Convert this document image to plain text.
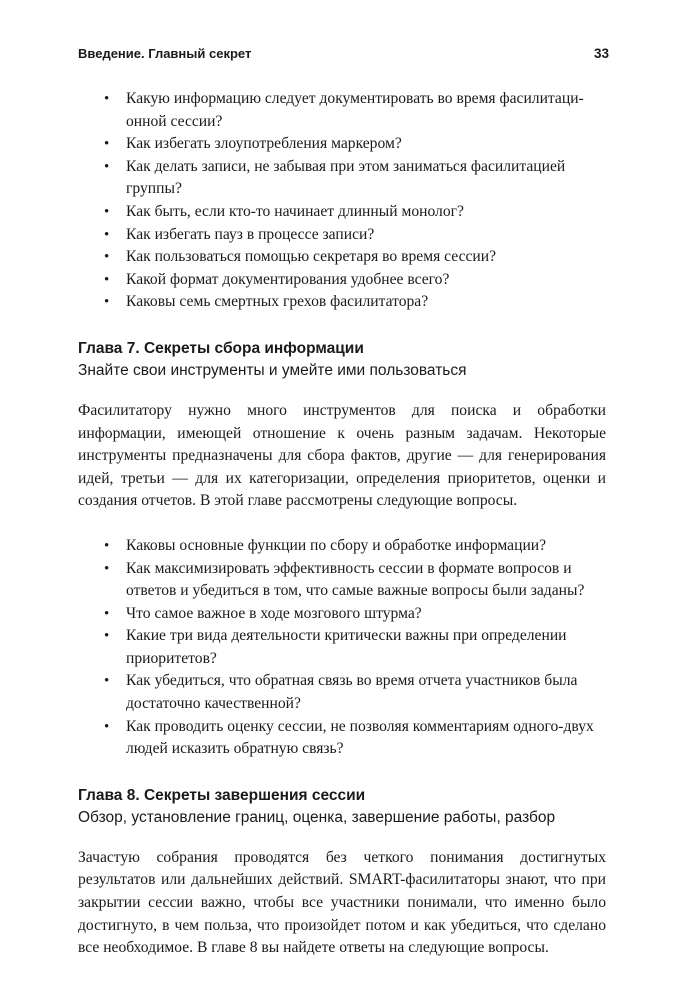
Введение. Главный секрет	33
• Какую информацию следует документировать во время фасилитаци-онной сессии?
• Как избегать злоупотребления маркером?
• Как делать записи, не забывая при этом заниматься фасилитацией группы?
• Как быть, если кто-то начинает длинный монолог?
• Как избегать пауз в процессе записи?
• Как пользоваться помощью секретаря во время сессии?
• Какой формат документирования удобнее всего?
• Каковы семь смертных грехов фасилитатора?
Глава 7. Секреты сбора информации
Знайте свои инструменты и умейте ими пользоваться

Фасилитатору нужно много инструментов для поиска и обработки информации, имеющей отношение к очень разным задачам. Некоторые инструменты предназначены для сбора фактов, другие — для генерирования идей, третьи — для их категоризации, определения приоритетов, оценки и создания отчетов. В этой главе рассмотрены следующие вопросы.

• Каковы основные функции по сбору и обработке информации?
• Как максимизировать эффективность сессии в формате вопросов и ответов и убедиться в том, что самые важные вопросы были заданы?
• Что самое важное в ходе мозгового штурма?
• Какие три вида деятельности критически важны при определении приоритетов?
• Как убедиться, что обратная связь во время отчета участников была достаточно качественной?
• Как проводить оценку сессии, не позволяя комментариям одного-двух людей исказить обратную связь?
Глава 8. Секреты завершения сессии
Обзор, установление границ, оценка, завершение работы, разбор

Зачастую собрания проводятся без четкого понимания достигнутых результатов или дальнейших действий. SMART-фасилитаторы знают, что при закрытии сессии важно, чтобы все участники понимали, что именно было достигнуто, в чем польза, что произойдет потом и как убедиться, что сделано все необходимое. В главе 8 вы найдете ответы на следующие вопросы.
